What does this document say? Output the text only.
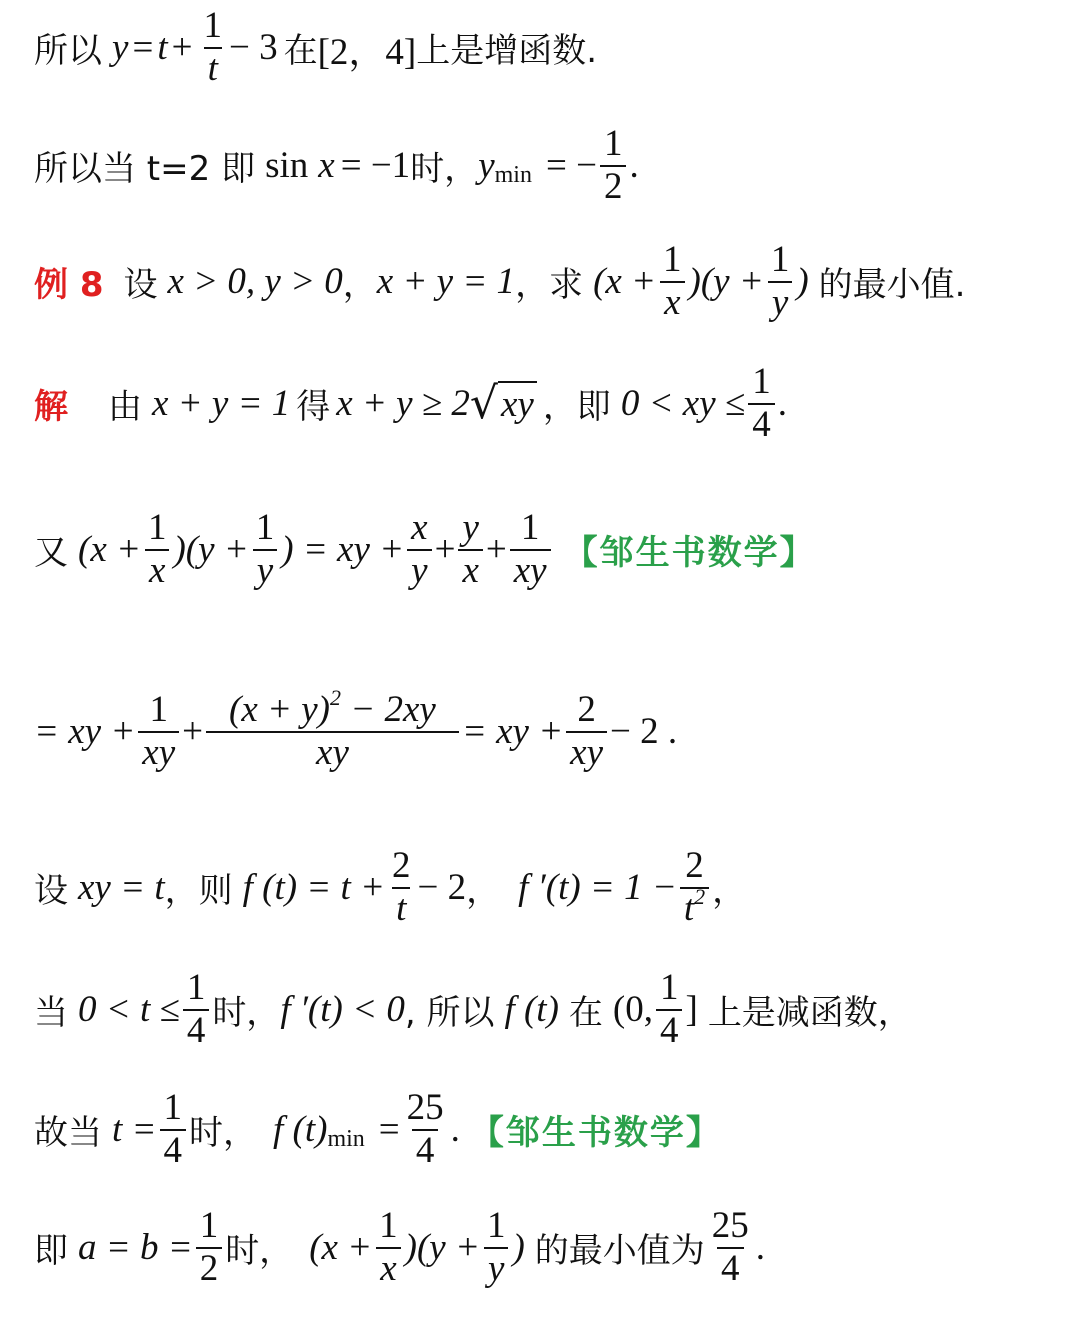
所以 $y = t + \frac{1}{t} - 3$ 在 [2，4] 上是增函数.
所以当 t=2 即 sin x = −1 时， y min = − $\frac{1}{2}$ .
例 8 设 x > 0, y > 0 ， x + y = 1 ，求 $(x + \frac{1}{x} )(y + \frac{1}{y}$ ) 的最小值.
解 由 x + y = 1 得 x + y ≥ 2 √ xy ，即 0 < xy ≤ $\frac{1}{4}$ .
又 $(x + \frac{1}{x} )(y + \frac{1}{y}$ ) = xy + $\frac{x}{y} + \frac{y}{x} + \frac{1}{xy}$ 【邹生书数学】
= xy + $\frac{1}{xy} + \frac{(x + y)^2 - 2xy}{xy}$ = xy + $\frac{2}{xy} - 2$ .
设 xy = t ，则 f $(t) = t + \frac{2}{t} - 2$ ， f $'(t) = 1 - \frac{2}{t^2}$ ，
当 $0 < t \le \frac{1}{4}$ 时， f ′(t) < 0 , 所以 f (t) 在 (0, $\frac{1}{4}$ ] 上是减函数，
故当 $t = \frac{1}{4}$ 时， f (t) $\min = \frac{25}{4}$ . 【邹生书数学】
即 $a = b = \frac{1}{2}$ 时， $(x + \frac{1}{x} )(y + \frac{1}{y}$ ) 的最小值为 $\frac{25}{4}$ .
